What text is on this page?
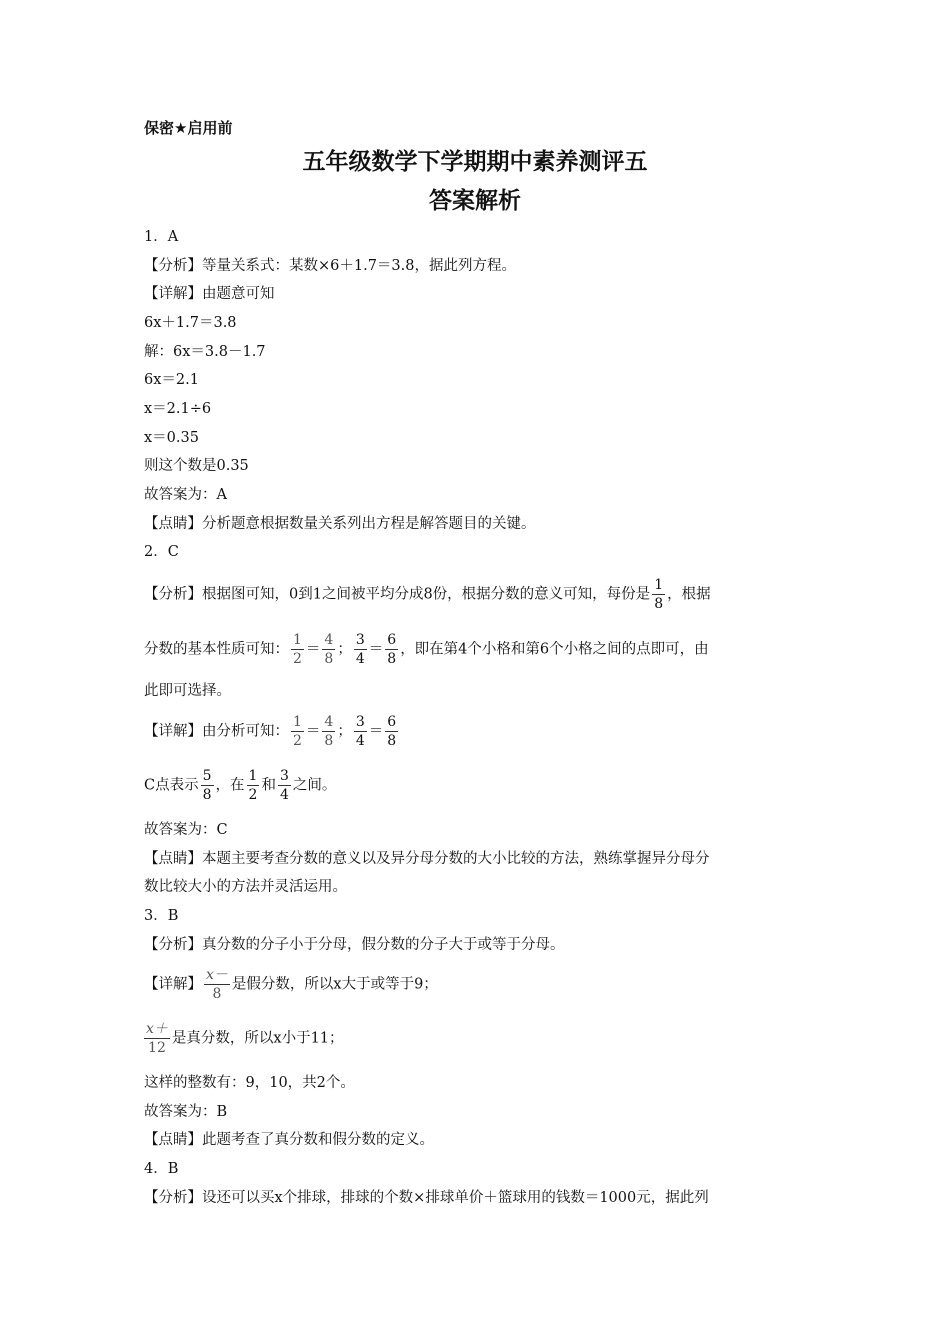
保密★启用前
五年级数学下学期期中素养测评五
答案解析
1．A
【分析】等量关系式：某数×6＋1.7＝3.8，据此列方程。
【详解】由题意可知
6x＋1.7＝3.8
解：6x＝3.8－1.7
6x＝2.1
x＝2.1÷6
x＝0.35
则这个数是0.35
故答案为：A
【点睛】分析题意根据数量关系列出方程是解答题目的关键。
2．C
【分析】根据图可知，0到1之间被平均分成8份，根据分数的意义可知，每份是 $\frac{1}{8}$ ，根据
分数的基本性质可知： $\frac{1}{2} = \frac{4}{8}$ ； $\frac{3}{4} = \frac{6}{8}$ ，即在第4个小格和第6个小格之间的点即可，由
此即可选择。
【详解】由分析可知： $\frac{1}{2} = \frac{4}{8}$ ； $\frac{3}{4} = \frac{6}{8}$
C点表示 $\frac{5}{8}$ ，在 $\frac{1}{2}$ 和 $\frac{3}{4}$ 之间。
故答案为：C
【点睛】本题主要考查分数的意义以及异分母分数的大小比较的方法，熟练掌握异分母分
数比较大小的方法并灵活运用。
3．B
【分析】真分数的分子小于分母，假分数的分子大于或等于分母。
【详解】 $\frac{x-}{8}$ 是假分数，所以x大于或等于9；
$\frac{x+}{12}$ 是真分数，所以x小于11；
这样的整数有：9，10，共2个。
故答案为：B
【点睛】此题考查了真分数和假分数的定义。
4．B
【分析】设还可以买x个排球，排球的个数×排球单价＋篮球用的钱数＝1000元，据此列
